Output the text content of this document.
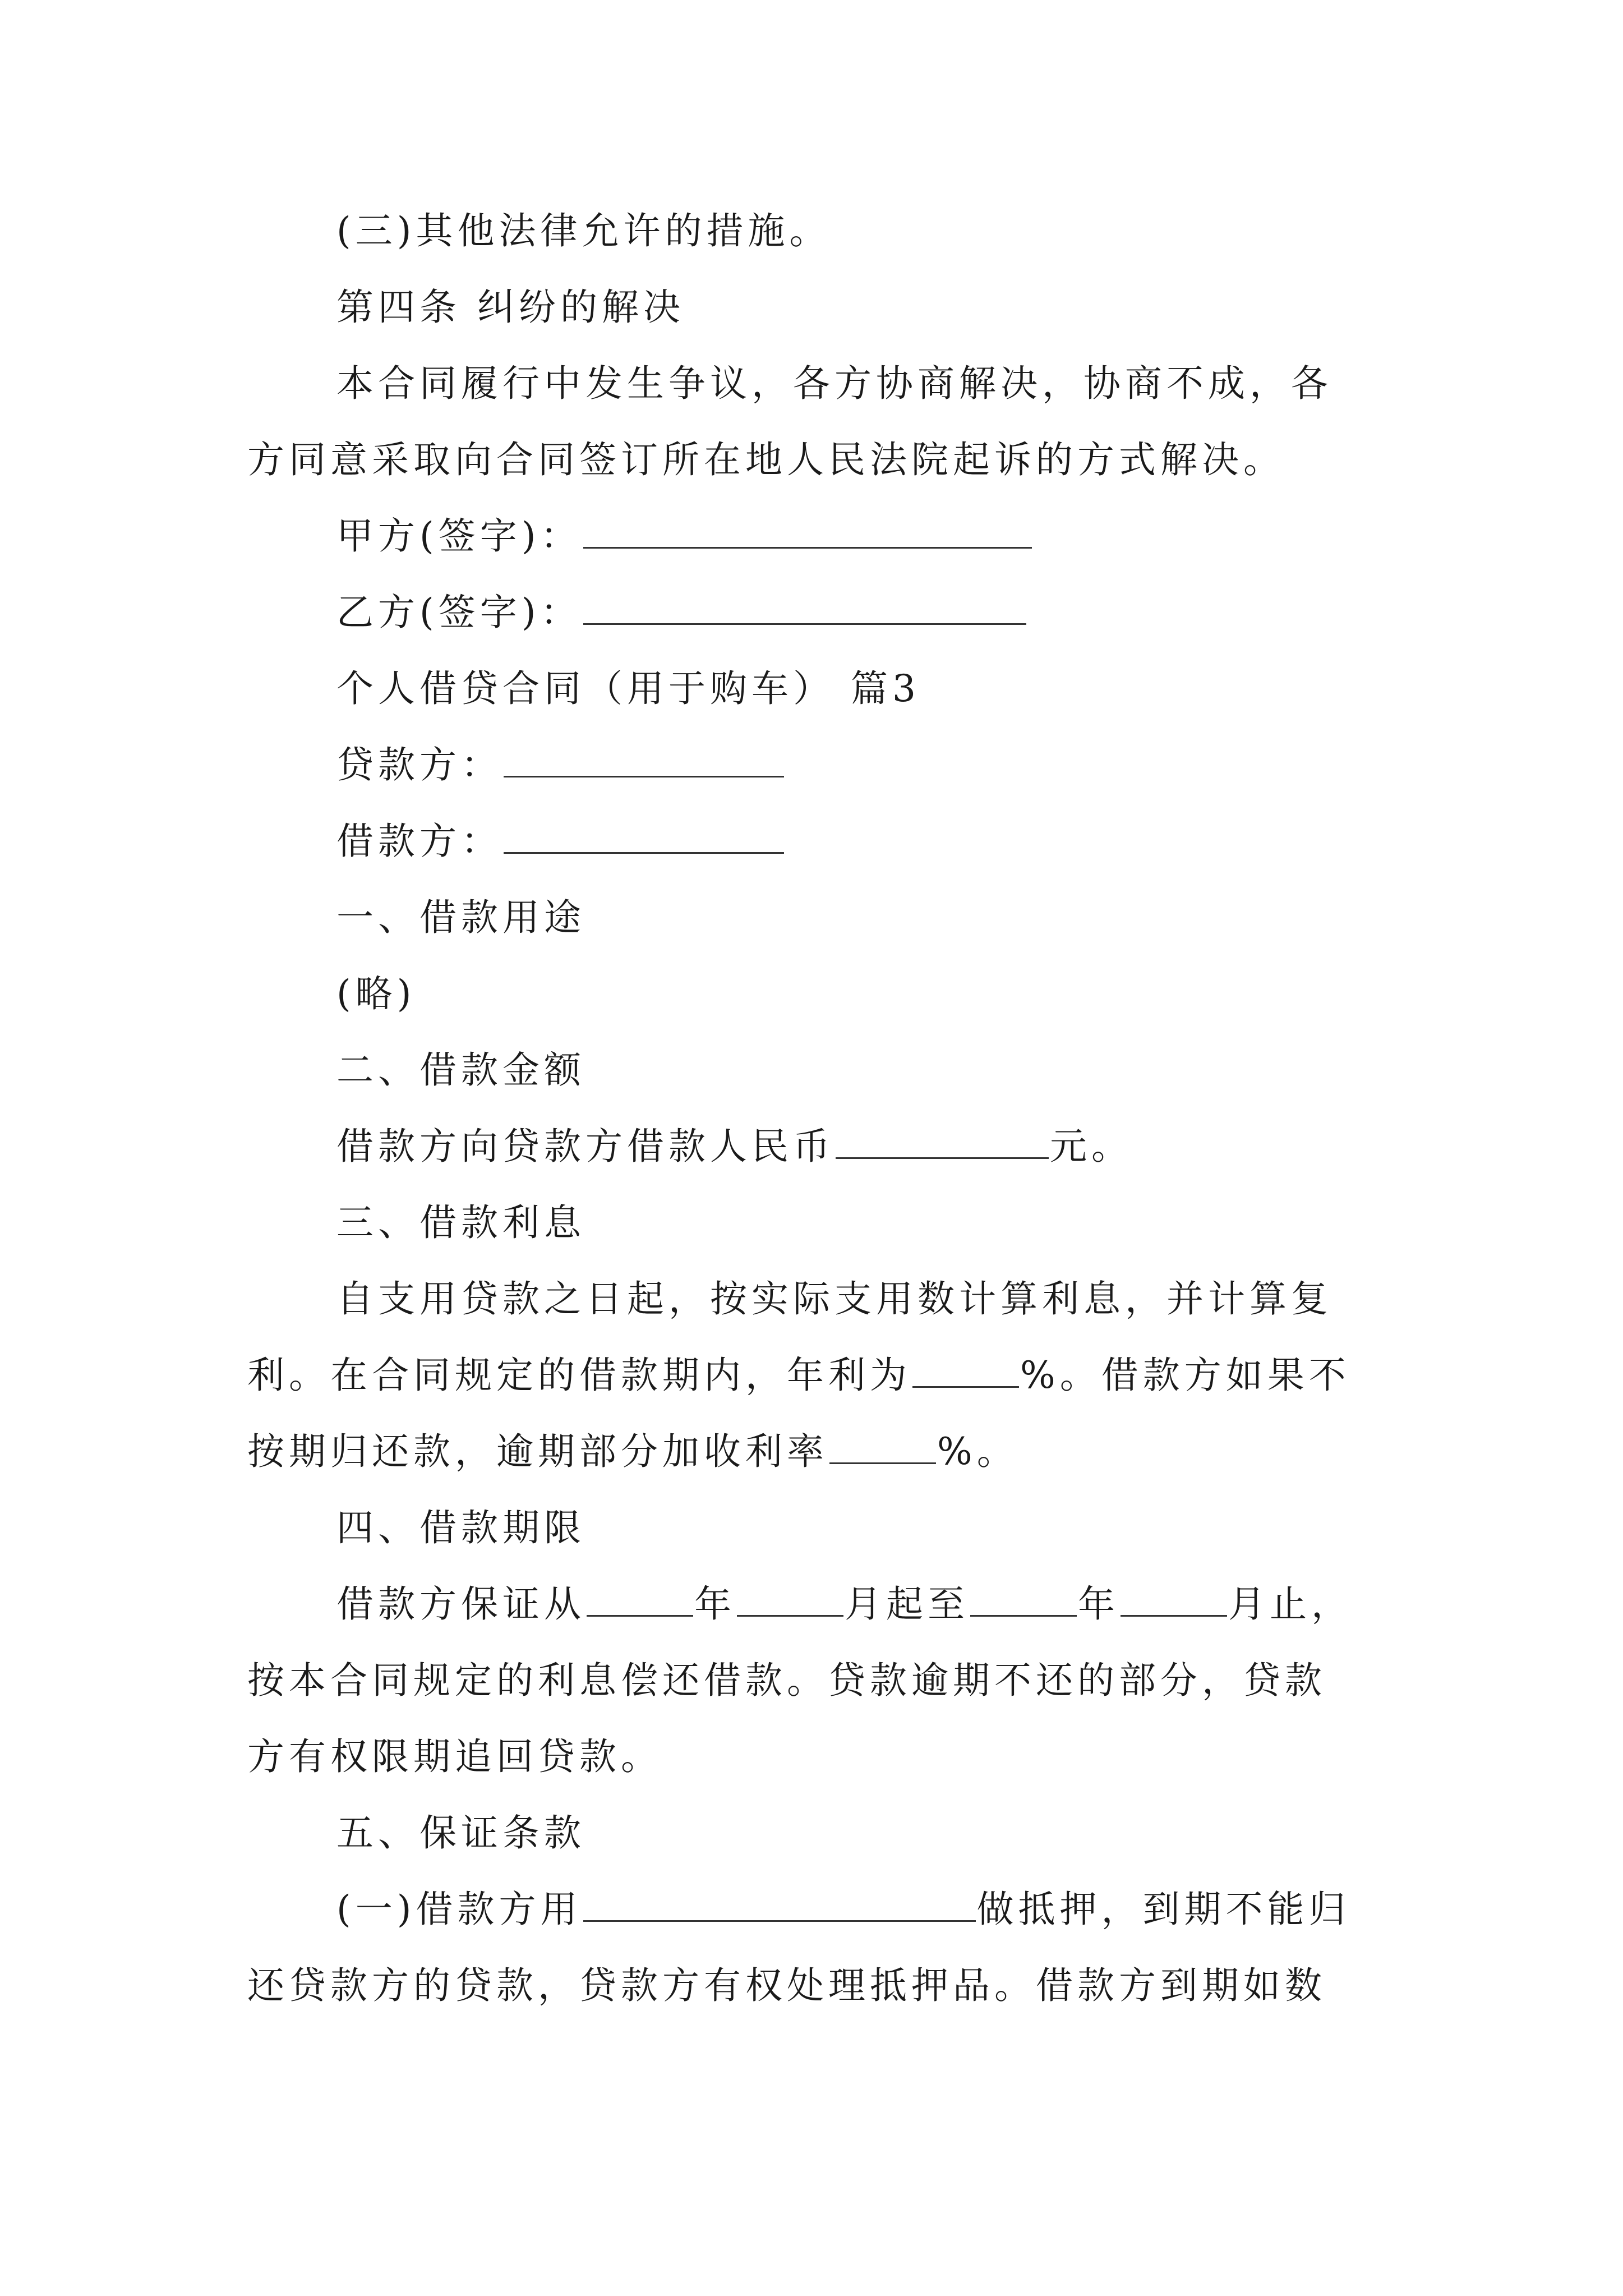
(三)其他法律允许的措施。
第四条 纠纷的解决
本合同履行中发生争议，各方协商解决，协商不成，各
方同意采取向合同签订所在地人民法院起诉的方式解决。
甲方(签字)：
乙方(签字)：
个人借贷合同（用于购车） 篇3
贷款方：
借款方：
一、借款用途
(略)
二、借款金额
借款方向贷款方借款人民币	元。
三、借款利息
自支用贷款之日起，按实际支用数计算利息，并计算复
利。在合同规定的借款期内，年利为	%。借款方如果不
按期归还款，逾期部分加收利率	%。
四、借款期限
借款方保证从	年	月起至	年	月止，
按本合同规定的利息偿还借款。贷款逾期不还的部分，贷款
方有权限期追回贷款。
五、保证条款
(一)借款方用	做抵押，到期不能归
还贷款方的贷款，贷款方有权处理抵押品。借款方到期如数
